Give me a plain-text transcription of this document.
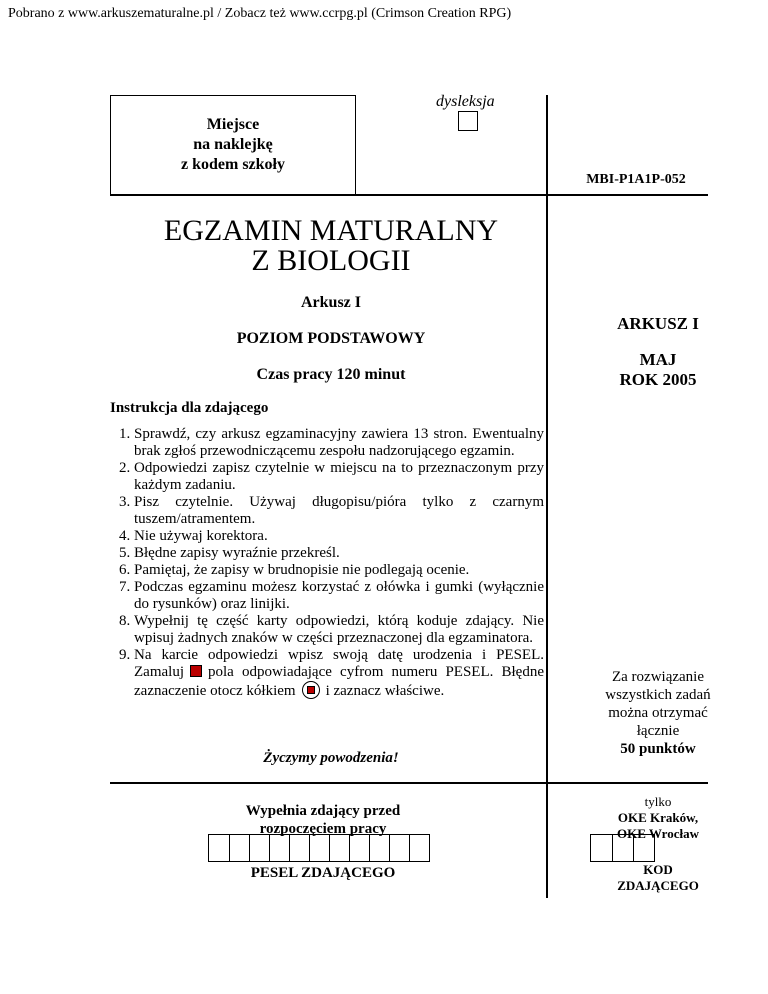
Pobrano z www.arkuszematuralne.pl / Zobacz też www.ccrpg.pl (Crimson Creation RPG)
Miejsce
na naklejkę
z kodem szkoły
dysleksja
MBI-P1A1P-052
EGZAMIN MATURALNY
Z BIOLOGII
Arkusz I
POZIOM PODSTAWOWY
Czas pracy 120 minut
ARKUSZ I
MAJ
ROK 2005
Instrukcja dla zdającego
1. Sprawdź, czy arkusz egzaminacyjny zawiera 13 stron. Ewentualny brak zgłoś przewodniczącemu zespołu nadzorującego egzamin.
2. Odpowiedzi zapisz czytelnie w miejscu na to przeznaczonym przy każdym zadaniu.
3. Pisz czytelnie. Używaj długopisu/pióra tylko z czarnym tuszem/atramentem.
4. Nie używaj korektora.
5. Błędne zapisy wyraźnie przekreśl.
6. Pamiętaj, że zapisy w brudnopisie nie podlegają ocenie.
7. Podczas egzaminu możesz korzystać z ołówka i gumki (wyłącznie do rysunków) oraz linijki.
8. Wypełnij tę część karty odpowiedzi, którą koduje zdający. Nie wpisuj żadnych znaków w części przeznaczonej dla egzaminatora.
9. Na karcie odpowiedzi wpisz swoją datę urodzenia i PESEL. Zamaluj pola odpowiadające cyfrom numeru PESEL. Błędne zaznaczenie otocz kółkiem i zaznacz właściwe.
Życzymy powodzenia!
Za rozwiązanie
wszystkich zadań
można otrzymać
łącznie
50 punktów
Wypełnia zdający przed
rozpoczęciem pracy
PESEL ZDAJĄCEGO
tylko
OKE Kraków,
OKE Wrocław
KOD
ZDAJĄCEGO
